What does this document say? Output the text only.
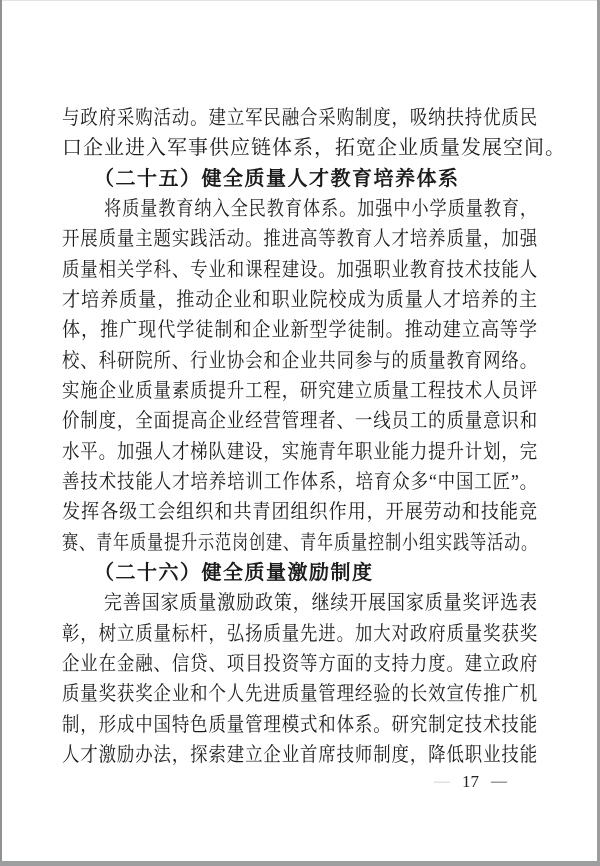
与政府采购活动。建立军民融合采购制度，吸纳扶持优质民
口企业进入军事供应链体系，拓宽企业质量发展空间。
（二十五）健全质量人才教育培养体系
将质量教育纳入全民教育体系。加强中小学质量教育，
开展质量主题实践活动。推进高等教育人才培养质量，加强
质量相关学科、专业和课程建设。加强职业教育技术技能人
才培养质量，推动企业和职业院校成为质量人才培养的主
体，推广现代学徒制和企业新型学徒制。推动建立高等学
校、科研院所、行业协会和企业共同参与的质量教育网络。
实施企业质量素质提升工程，研究建立质量工程技术人员评
价制度，全面提高企业经营管理者、一线员工的质量意识和
水平。加强人才梯队建设，实施青年职业能力提升计划，完
善技术技能人才培养培训工作体系，培育众多“中国工匠”。
发挥各级工会组织和共青团组织作用，开展劳动和技能竞
赛、青年质量提升示范岗创建、青年质量控制小组实践等活动。
（二十六）健全质量激励制度
完善国家质量激励政策，继续开展国家质量奖评选表
彰，树立质量标杆，弘扬质量先进。加大对政府质量奖获奖
企业在金融、信贷、项目投资等方面的支持力度。建立政府
质量奖获奖企业和个人先进质量管理经验的长效宣传推广机
制，形成中国特色质量管理模式和体系。研究制定技术技能
人才激励办法，探索建立企业首席技师制度，降低职业技能
— 17 —
